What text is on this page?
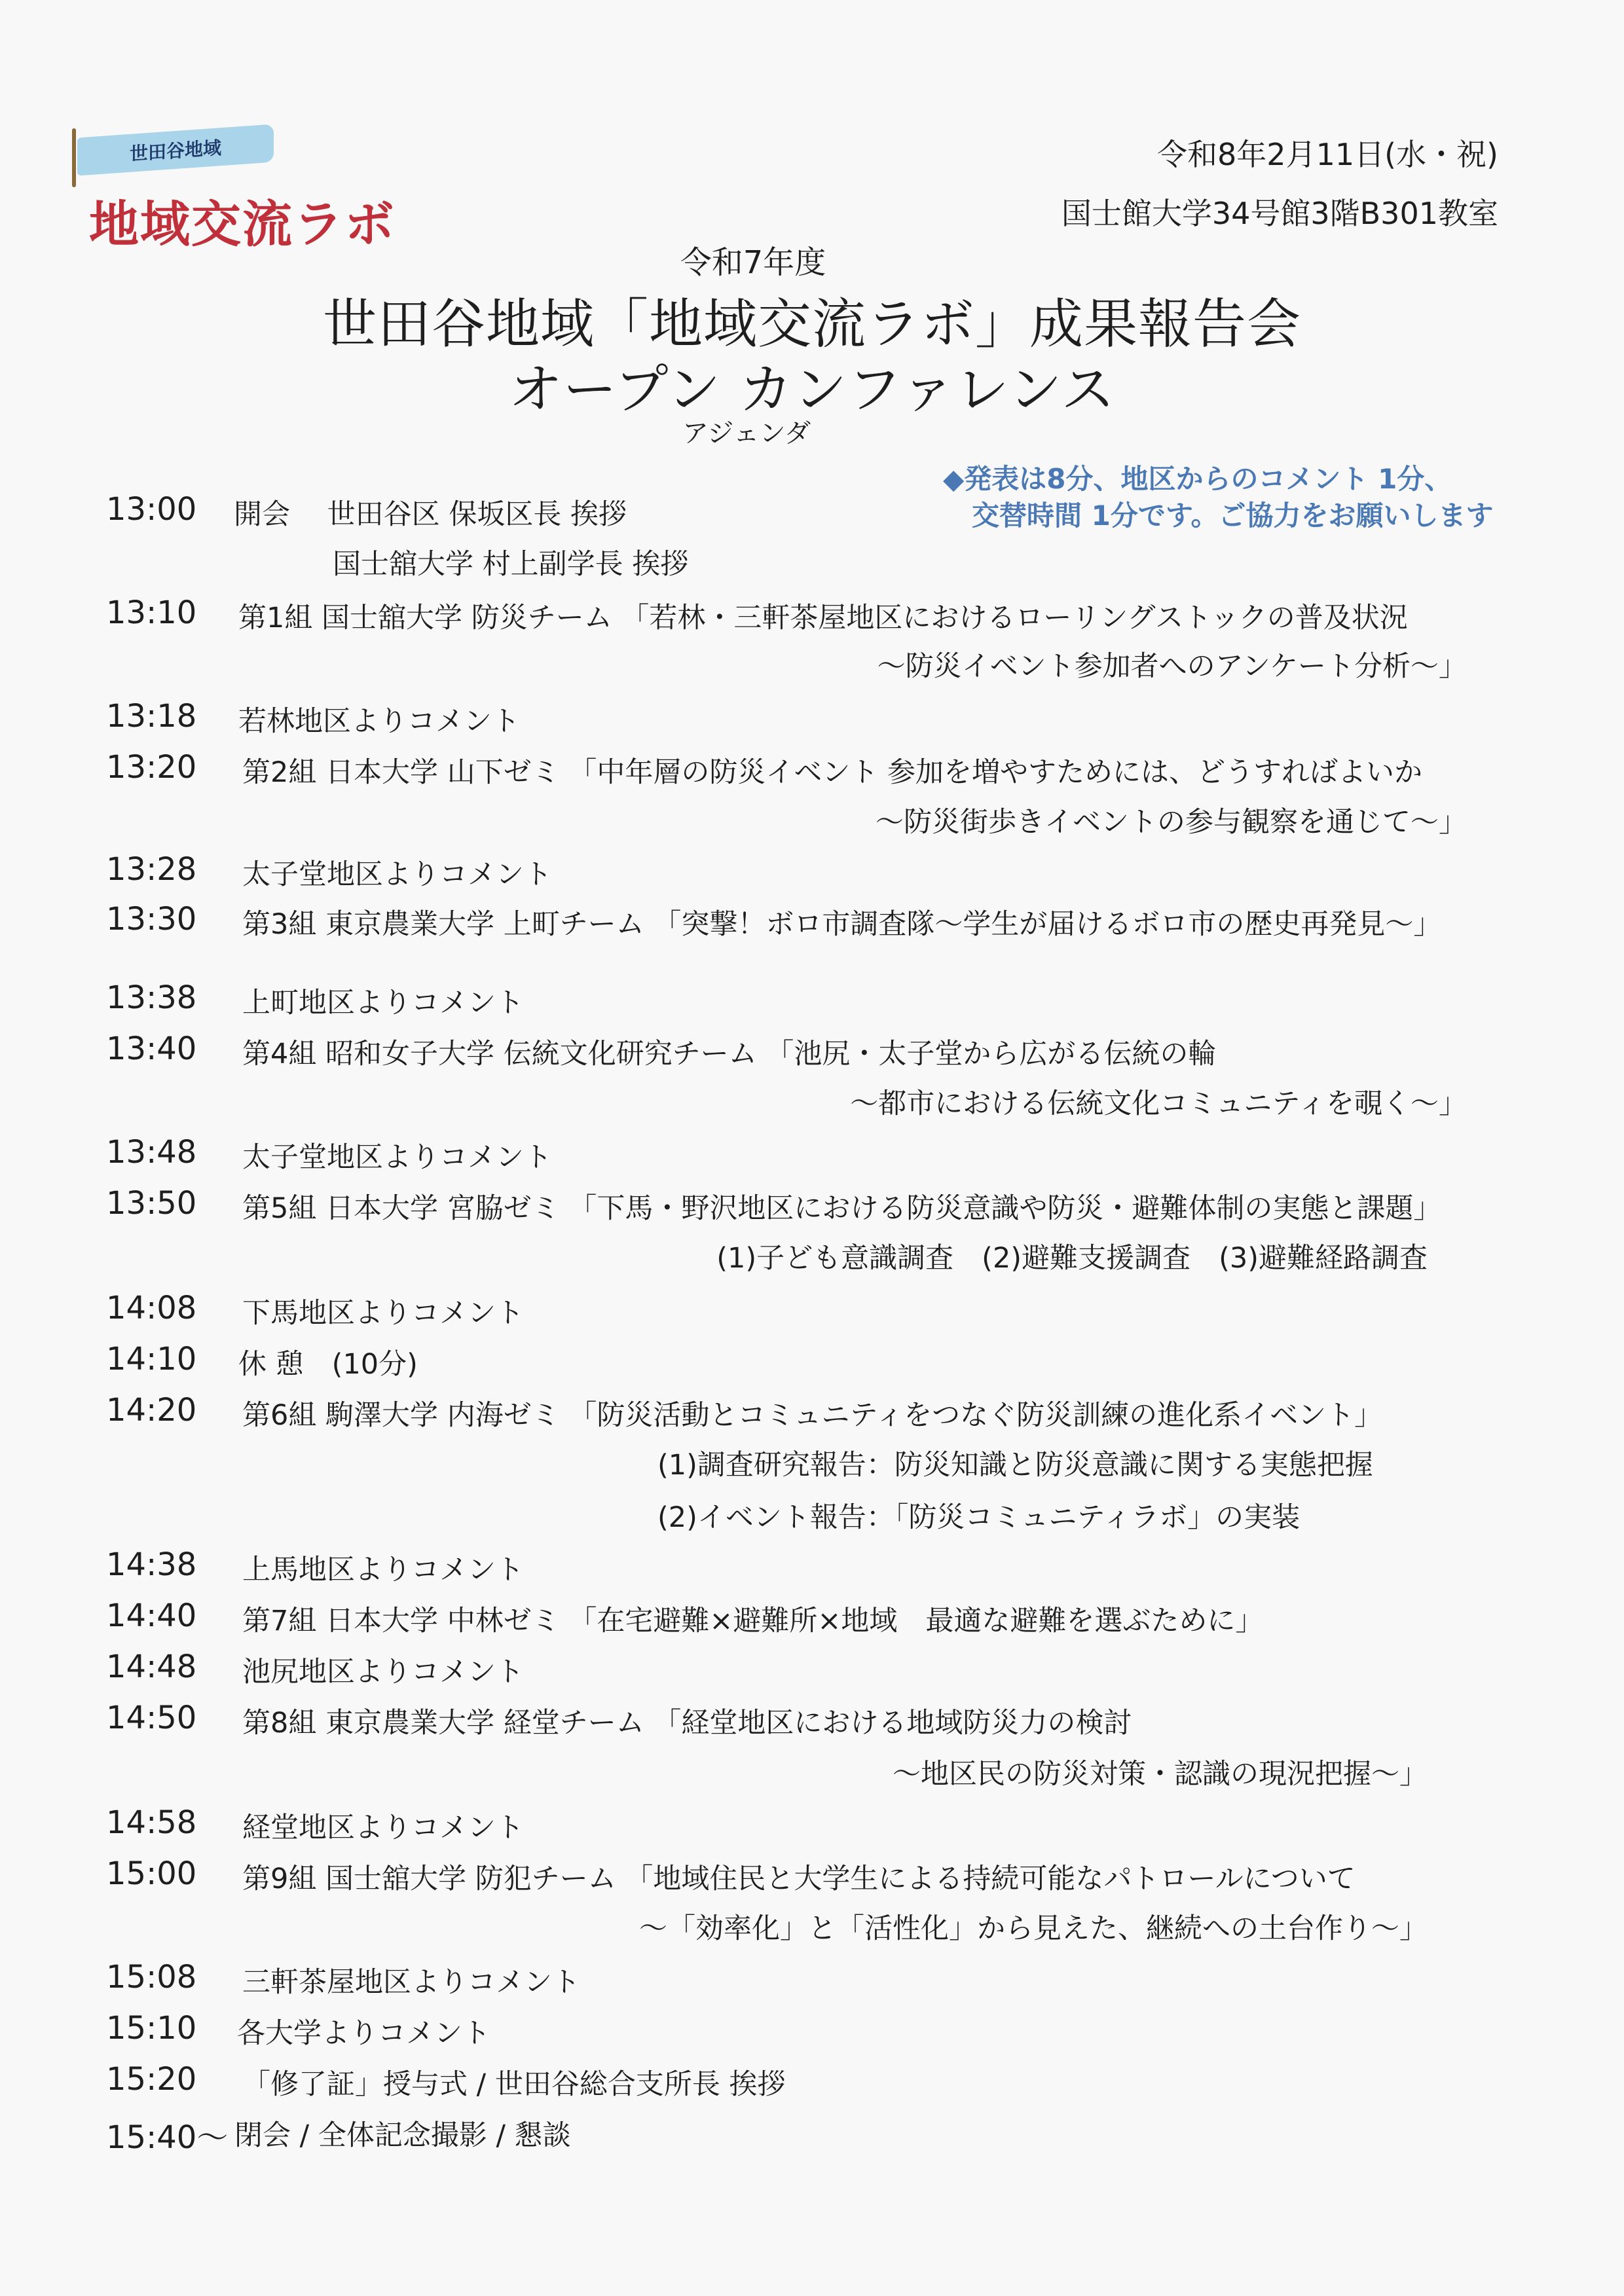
世田谷地域
地域交流ラボ
令和8年2月11日(水・祝)
国士館大学34号館3階B301教室
令和7年度
世田谷地域「地域交流ラボ」成果報告会
オープン カンファレンス
アジェンダ
◆発表は8分、地区からのコメント 1分、
交替時間 1分です。ご協力をお願いします
13:00 開会　 世田谷区 保坂区長 挨拶
国士舘大学 村上副学長 挨拶
13:10 第1組 国士舘大学 防災チーム 「若林・三軒茶屋地区におけるローリングストックの普及状況
～防災イベント参加者へのアンケート分析～」
13:18 若林地区よりコメント
13:20 第2組 日本大学 山下ゼミ 「中年層の防災イベント 参加を増やすためには、どうすればよいか
～防災街歩きイベントの参与観察を通じて～」
13:28 太子堂地区よりコメント
13:30 第3組 東京農業大学 上町チーム 「突撃！ボロ市調査隊～学生が届けるボロ市の歴史再発見～」
13:38 上町地区よりコメント
13:40 第4組 昭和女子大学 伝統文化研究チーム 「池尻・太子堂から広がる伝統の輪
～都市における伝統文化コミュニティを覗く～」
13:48 太子堂地区よりコメント
13:50 第5組 日本大学 宮脇ゼミ 「下馬・野沢地区における防災意識や防災・避難体制の実態と課題」
(1)子ども意識調査　(2)避難支援調査　(3)避難経路調査
14:08 下馬地区よりコメント
14:10 休 憩　(10分)
14:20 第6組 駒澤大学 内海ゼミ 「防災活動とコミュニティをつなぐ防災訓練の進化系イベント」
(1)調査研究報告：防災知識と防災意識に関する実態把握
(2)イベント報告：「防災コミュニティラボ」の実装
14:38 上馬地区よりコメント
14:40 第7組 日本大学 中林ゼミ 「在宅避難×避難所×地域　最適な避難を選ぶために」
14:48 池尻地区よりコメント
14:50 第8組 東京農業大学 経堂チーム 「経堂地区における地域防災力の検討
～地区民の防災対策・認識の現況把握～」
14:58 経堂地区よりコメント
15:00 第9組 国士舘大学 防犯チーム 「地域住民と大学生による持続可能なパトロールについて
～「効率化」と「活性化」から見えた、継続への土台作り～」
15:08 三軒茶屋地区よりコメント
15:10 各大学よりコメント
15:20 「修了証」授与式 / 世田谷総合支所長 挨拶
15:40～ 閉会 / 全体記念撮影 / 懇談
